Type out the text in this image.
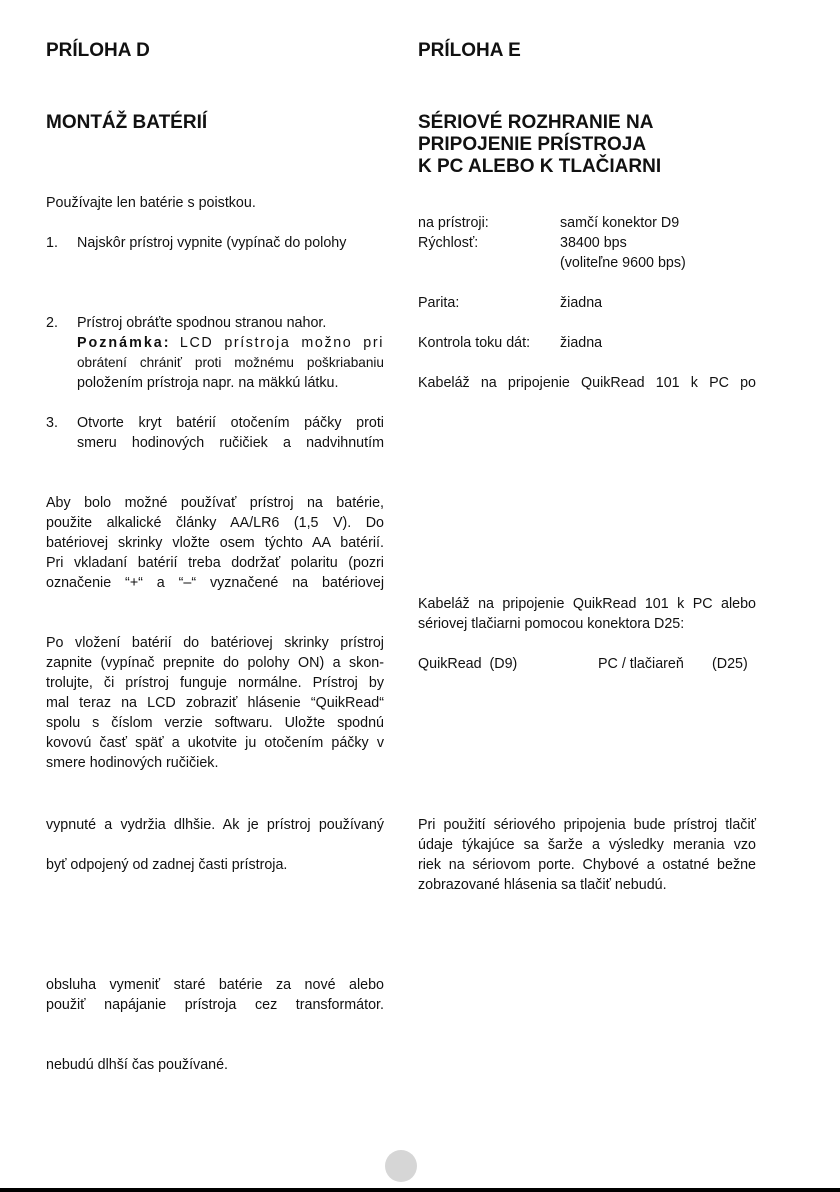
PRÍLOHA D
MONTÁŽ BATÉRIÍ
Používajte len batérie s poistkou.
1. Najskôr prístroj vypnite (vypínač do polohy
2. Prístroj obráťte spodnou stranou nahor.
Poznámka: LCD prístroja možno pri
obrátení chrániť proti možnému poškriabaniu
položením prístroja napr. na mäkkú látku.
3. Otvorte kryt batérií otočením páčky proti
smeru hodinových ručičiek a nadvihnutím
Aby bolo možné používať prístroj na batérie,
použite alkalické články AA/LR6 (1,5 V). Do
batériovej skrinky vložte osem týchto AA batérií.
Pri vkladaní batérií treba dodržať polaritu (pozri
označenie “+“ a “–“ vyznačené na batériovej
Po vložení batérií do batériovej skrinky prístroj
zapnite (vypínač prepnite do polohy ON) a skon-
trolujte, či prístroj funguje normálne. Prístroj by
mal teraz na LCD zobraziť hlásenie “QuikRead“
spolu s číslom verzie softwaru. Uložte spodnú
kovovú časť späť a ukotvite ju otočením páčky v
smere hodinových ručičiek.
vypnuté a vydržia dlhšie. Ak je prístroj používaný
byť odpojený od zadnej časti prístroja.
obsluha vymeniť staré batérie za nové alebo
použiť napájanie prístroja cez transformátor.
nebudú dlhší čas používané.
PRÍLOHA E
SÉRIOVÉ ROZHRANIE NA
PRIPOJENIE PRÍSTROJA
K PC ALEBO K TLAČIARNI
na prístroji:	samčí konektor D9
Rýchlosť:	38400 bps
(voliteľne 9600 bps)
Parita:	žiadna
Kontrola toku dát: žiadna
Kabeláž na pripojenie QuikRead 101 k PC po
Kabeláž na pripojenie QuikRead 101 k PC alebo
sériovej tlačiarni pomocou konektora D25:
QuikRead  (D9)	PC / tlačiareň (D25)
Pri použití sériového pripojenia bude prístroj tlačiť
údaje týkajúce sa šarže a výsledky merania vzo
riek na sériovom porte. Chybové a ostatné bežne
zobrazované hlásenia sa tlačiť nebudú.
